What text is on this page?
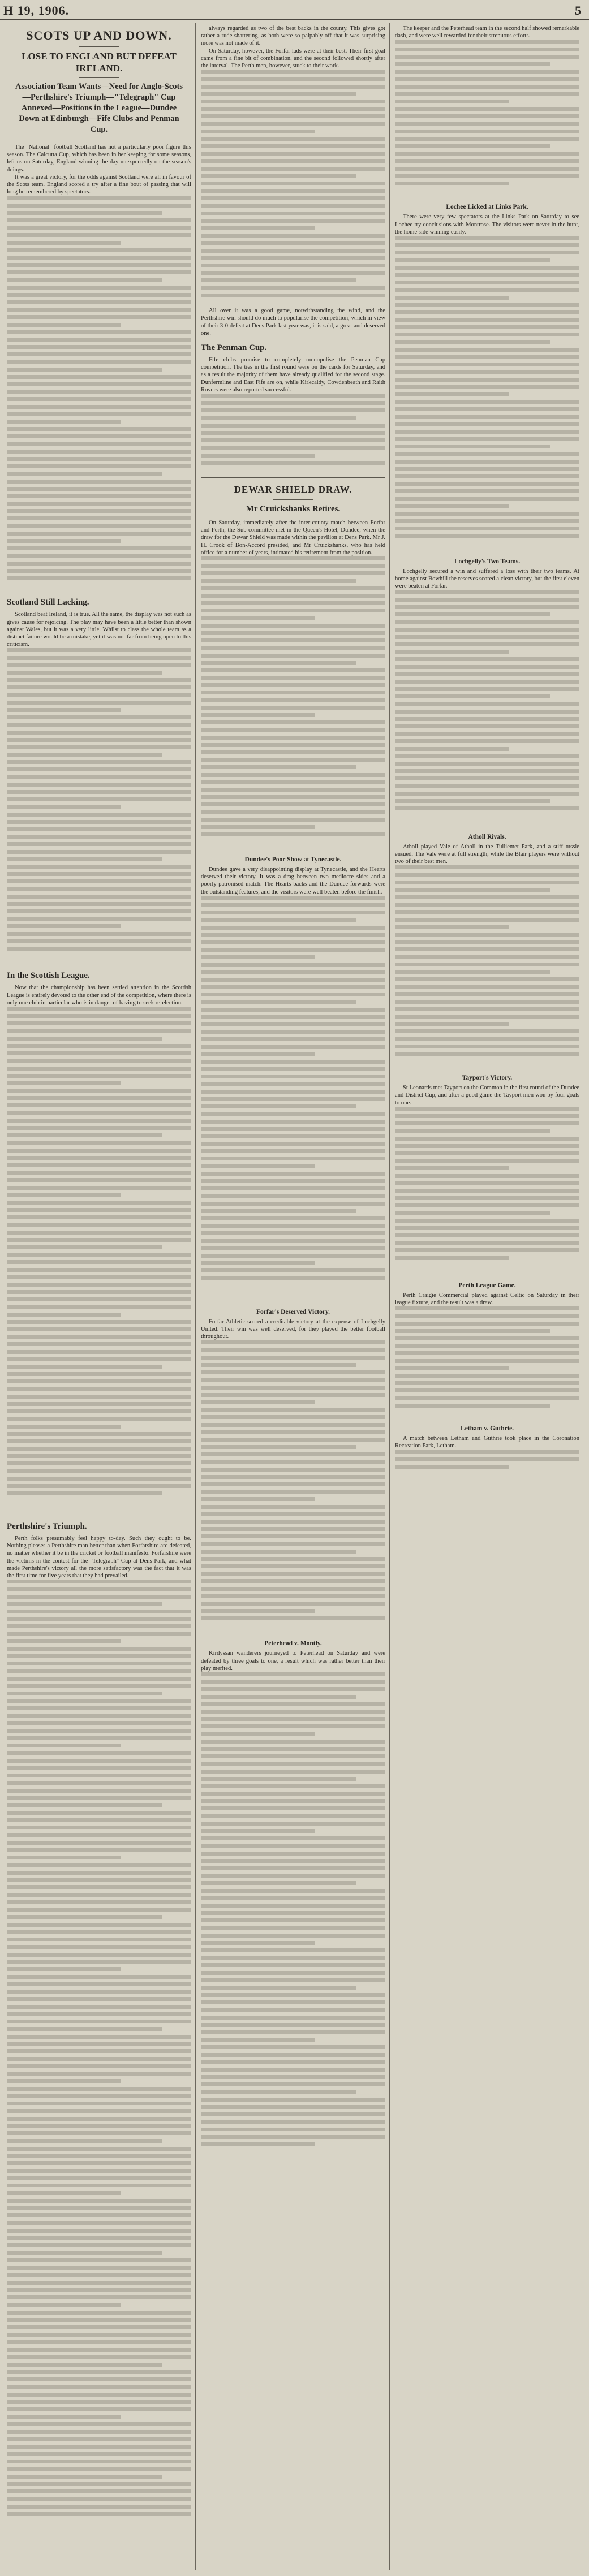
H 19, 1906.	5
SCOTS UP AND DOWN.
LOSE TO ENGLAND BUT DEFEAT IRELAND.
Association Team Wants—Need for Anglo-Scots—Perthshire's Triumph—"Telegraph" Cup Annexed—Positions in the League—Dundee Down at Edinburgh—Fife Clubs and Penman Cup.

The "National" football Scotland has not a particularly poor figure this season. The Calcutta Cup, which has been in her keeping for some seasons, left us on Saturday, England winning the day unexpectedly on the season's doings.

It was a great victory, for the odds against Scotland were all in favour of the Scots team. England scored a try after a fine bout of passing that will long be remembered by spectators.

Scotland Still Lacking.

Scotland beat Ireland, it is true. All the same, the display was not such as gives cause for rejoicing. The play may have been a little better than shown against Wales, but it was a very little. Whilst to class the whole team as a distinct failure would be a mistake, yet it was not far from being open to this criticism.

In the Scottish League.

Now that the championship has been settled attention in the Scottish League is entirely devoted to the other end of the competition, where there is only one club in particular who is in danger of having to seek re-election.

Perthshire's Triumph.

Perth folks presumably feel happy to-day. Such they ought to be. Nothing pleases a Perthshire man better than when Forfarshire are defeated, no matter whether it be in the cricket or football manifesto. Forfarshire were the victims in the contest for the "Telegraph" Cup at Dens Park, and what made Perthshire's victory all the more satisfactory was the fact that it was the first time for five years that they had prevailed.

always regarded as two of the best backs in the county. This gives got rather a rude shattering, as both were so palpably off that it was surprising more was not made of it.

On Saturday, however, the Forfar lads were at their best. Their first goal came from a fine bit of combination, and the second followed shortly after the interval. The Perth men, however, stuck to their work.

All over it was a good game, notwithstanding the wind, and the Perthshire win should do much to popularise the competition, which in view of their 3-0 defeat at Dens Park last year was, it is said, a great and deserved one.

The Penman Cup.

Fife clubs promise to completely monopolise the Penman Cup competition. The ties in the first round were on the cards for Saturday, and as a result the majority of them have already qualified for the second stage. Dunfermline and East Fife are on, while Kirkcaldy, Cowdenbeath and Raith Rovers were also reported successful.

DEWAR SHIELD DRAW.
Mr Cruickshanks Retires.

On Saturday, immediately after the inter-county match between Forfar and Perth, the Sub-committee met in the Queen's Hotel, Dundee, when the draw for the Dewar Shield was made within the pavilion at Dens Park. Mr J. H. Crook of Bon-Accord presided, and Mr Cruickshanks, who has held office for a number of years, intimated his retirement from the position.

Dundee's Poor Show at Tynecastle.

Dundee gave a very disappointing display at Tynecastle, and the Hearts deserved their victory. It was a drag between two mediocre sides and a poorly-patronised match. The Hearts backs and the Dundee forwards were the outstanding features, and the visitors were well beaten before the finish.

Forfar's Deserved Victory.

Forfar Athletic scored a creditable victory at the expense of Lochgelly United. Their win was well deserved, for they played the better football throughout.

Peterhead v. Montly.

Kirdyssan wanderers journeyed to Peterhead on Saturday and were defeated by three goals to one, a result which was rather better than their play merited.

The keeper and the Peterhead team in the second half showed remarkable dash, and were well rewarded for their strenuous efforts.

Lochee Licked at Links Park.

There were very few spectators at the Links Park on Saturday to see Lochee try conclusions with Montrose. The visitors were never in the hunt, the home side winning easily.

Lochgelly's Two Teams.

Lochgelly secured a win and suffered a loss with their two teams. At home against Bowhill the reserves scored a clean victory, but the first eleven were beaten at Forfar.

Atholl Rivals.

Atholl played Vale of Atholl in the Tulliemet Park, and a stiff tussle ensued. The Vale were at full strength, while the Blair players were without two of their best men.

Tayport's Victory.

St Leonards met Tayport on the Common in the first round of the Dundee and District Cup, and after a good game the Tayport men won by four goals to one.

Perth League Game.

Perth Craigie Commercial played against Celtic on Saturday in their league fixture, and the result was a draw.

Letham v. Guthrie.

A match between Letham and Guthrie took place in the Coronation Recreation Park, Letham.
